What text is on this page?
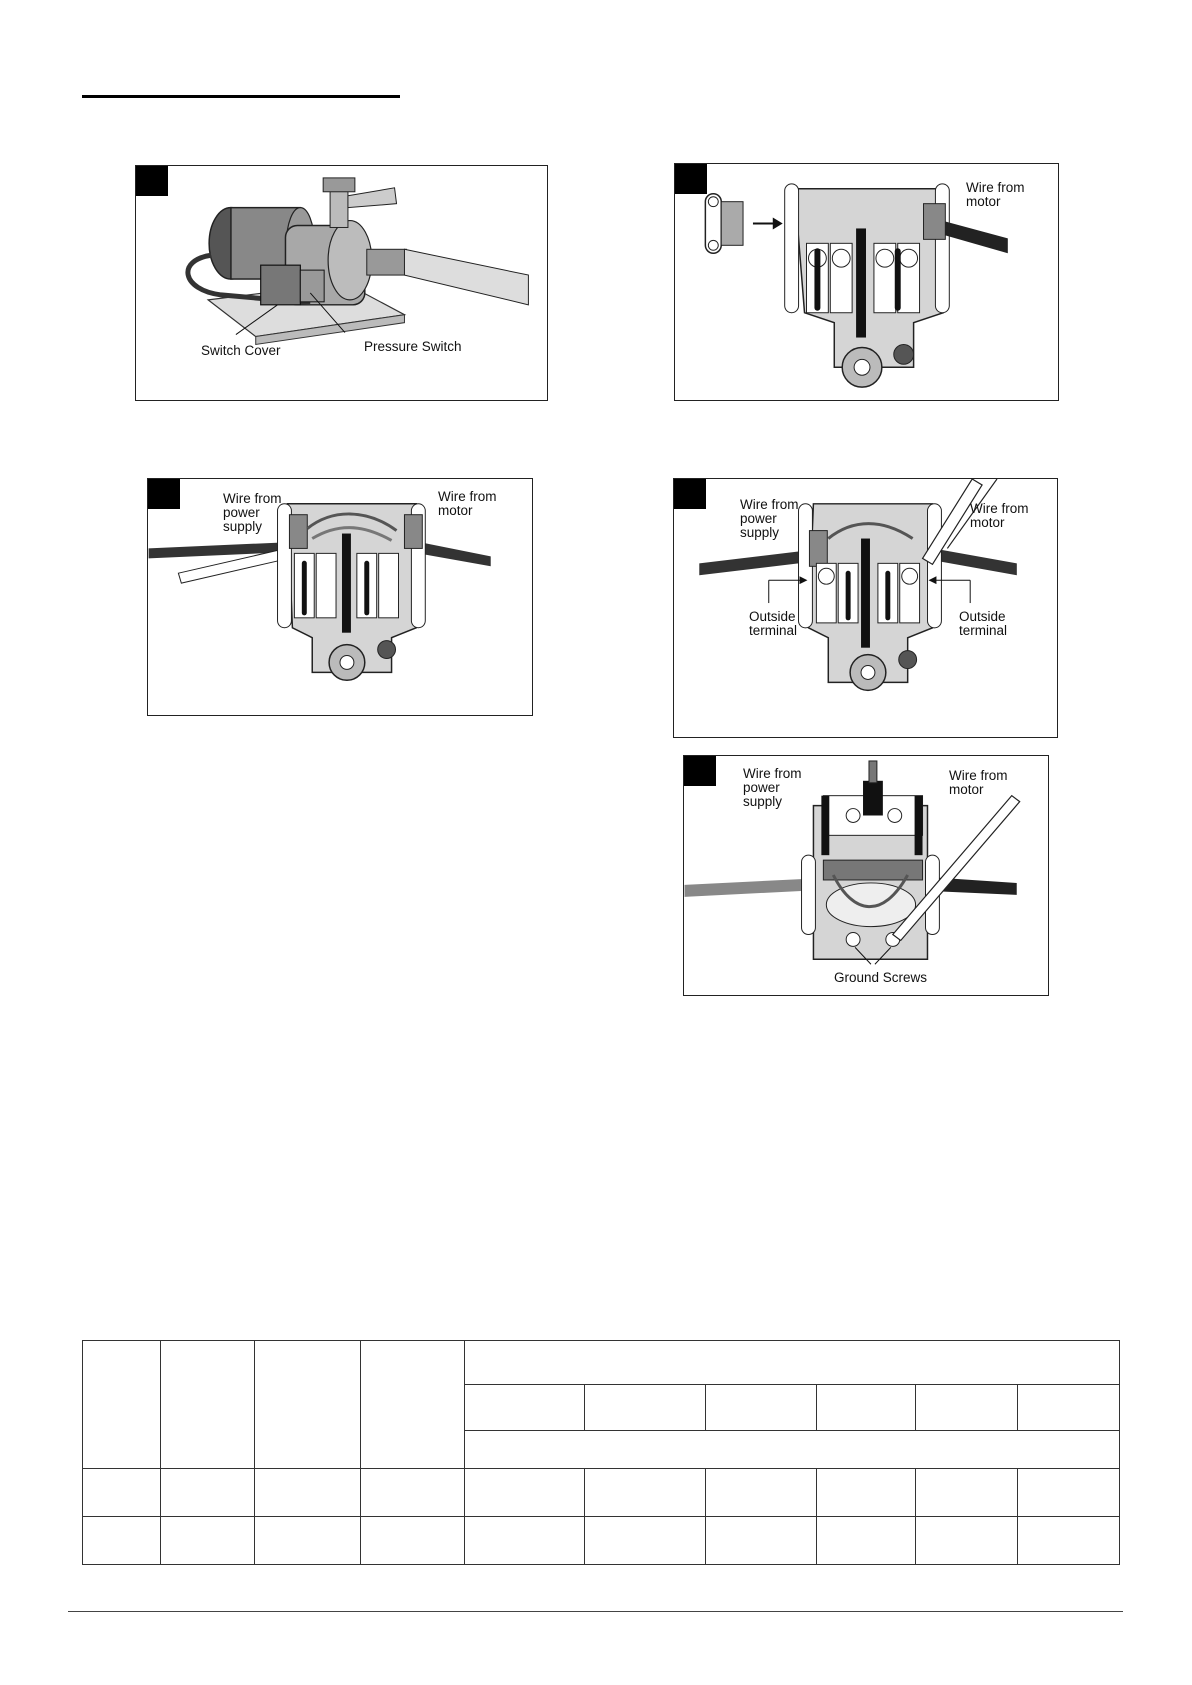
Switch Cover	Pressure Switch
Wire from
motor
Wire from
power
supply
Wire from
motor	Wire from
power
supply
Wire from
motor
Outside
terminal
Outside
terminal
Wire from
power
supply
Wire from
motor
Ground Screws
